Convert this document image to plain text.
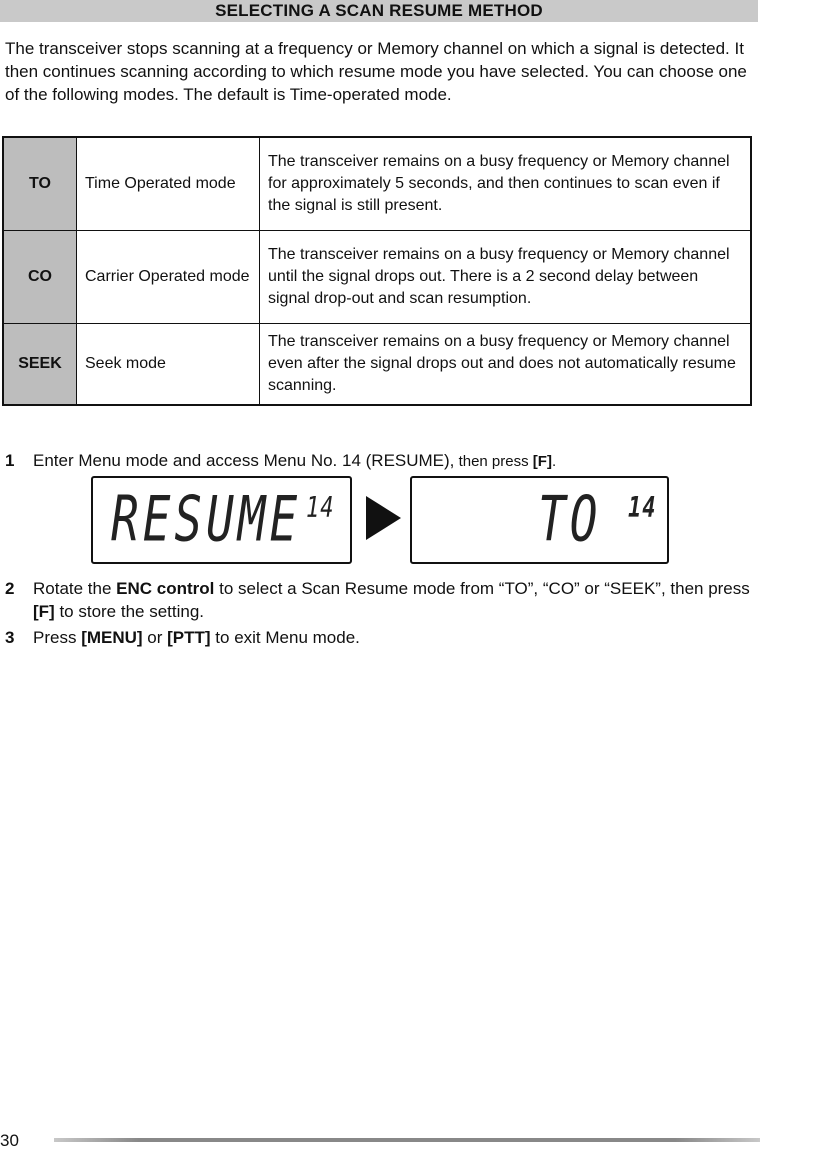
SELECTING A SCAN RESUME METHOD

The transceiver stops scanning at a frequency or Memory channel on which a signal is detected. It then continues scanning according to which resume mode you have selected. You can choose one of the following modes. The default is Time-operated mode.

TO	Time Operated mode	The transceiver remains on a busy frequency or Memory channel for approximately 5 seconds, and then continues to scan even if the signal is still present.
CO	Carrier Operated mode	The transceiver remains on a busy frequency or Memory channel until the signal drops out. There is a 2 second delay between signal drop-out and scan resumption.
SEEK	Seek mode	The transceiver remains on a busy frequency or Memory channel even after the signal drops out and does not automatically resume scanning.
1 Enter Menu mode and access Menu No. 14 (RESUME), then press [F].
RESUME 14	TO 14
2 Rotate the ENC control to select a Scan Resume mode from “TO”, “CO” or “SEEK”, then press [F] to store the setting.
3 Press [MENU] or [PTT] to exit Menu mode.
30
